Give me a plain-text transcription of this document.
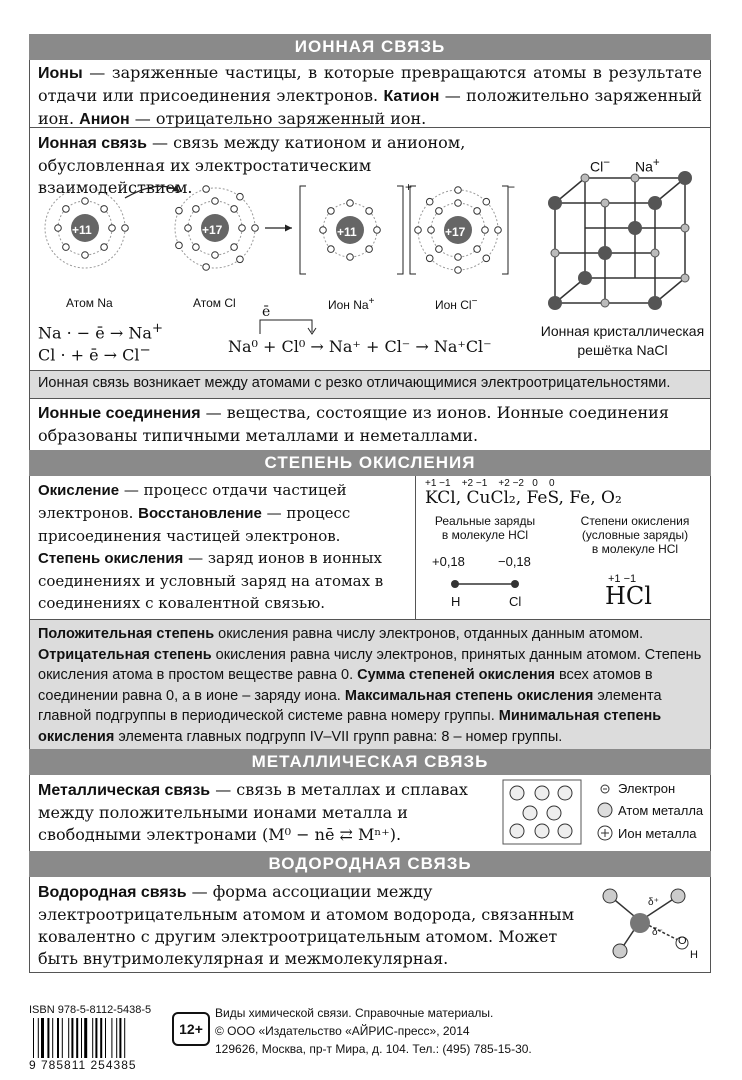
ИОННАЯ СВЯЗЬ
Ионы — заряженные частицы, в которые превращаются атомы в результате отдачи или присоединения электронов. Катион — положительно заряженный ион. Анион — отрицательно заряженный ион.
Ионная связь — связь между катионом и анионом, обусловленная их электростатическим взаимодействием.
+11	+17	+11	+17
+	−
Атом Na	Атом Cl	Ион Na+	Ион Cl−
Na · − ē → Na+
Cl · + ē → Cl−
ē
Na⁰ + Cl⁰ → Na⁺ + Cl⁻ → Na⁺Cl⁻
Cl− Na+
Ионная кристаллическая
решётка NaCl
Ионная связь возникает между атомами с резко отличающимися электроотрицательностями.
Ионные соединения — вещества, состоящие из ионов. Ионные соединения образованы типичными металлами и неметаллами.
СТЕПЕНЬ ОКИСЛЕНИЯ
Окисление — процесс отдачи частицей электронов. Восстановление — процесс присоединения частицей электронов. Степень окисления — заряд ионов в ионных соединениях и условный заряд на атомах в соединениях с ковалентной связью.
+1 −1    +2 −1    +2 −2   0    0
KCl, CuCl₂, FeS, Fe, O₂
Реальные заряды
в молекуле HCl
Степени окисления
(условные заряды)
в молекуле HCl
+0,18	−0,18
H	Cl
+1 −1
HCl
Положительная степень окисления равна числу электронов, отданных данным атомом. Отрицательная степень окисления равна числу электронов, принятых данным атомом. Степень окисления атома в простом веществе равна 0. Сумма степеней окисления всех атомов в соединении равна 0, а в ионе – заряду иона. Максимальная степень окисления элемента главной подгруппы в периодической системе равна номеру группы. Минимальная степень окисления элемента главных подгрупп IV–VII групп равна: 8 – номер группы.
МЕТАЛЛИЧЕСКАЯ СВЯЗЬ
Металлическая связь — связь в металлах и сплавах между положительными ионами металла и свободными электронами (M⁰ − nē ⇄ Mⁿ⁺).
Электрон
Атом металла
Ион металла
ВОДОРОДНАЯ СВЯЗЬ
Водородная связь — форма ассоциации между электроотрицательным атомом и атомом водорода, связанным ковалентно с другим электроотрицательным атомом. Может быть внутримолекулярная и межмолекулярная.
δ⁺
δ⁻
O
H
ISBN 978-5-8112-5438-5
9 785811 254385
12+
Виды химической связи. Справочные материалы.
© ООО «Издательство «АЙРИС-пресс», 2014
129626, Москва, пр-т Мира, д. 104. Тел.: (495) 785-15-30.
